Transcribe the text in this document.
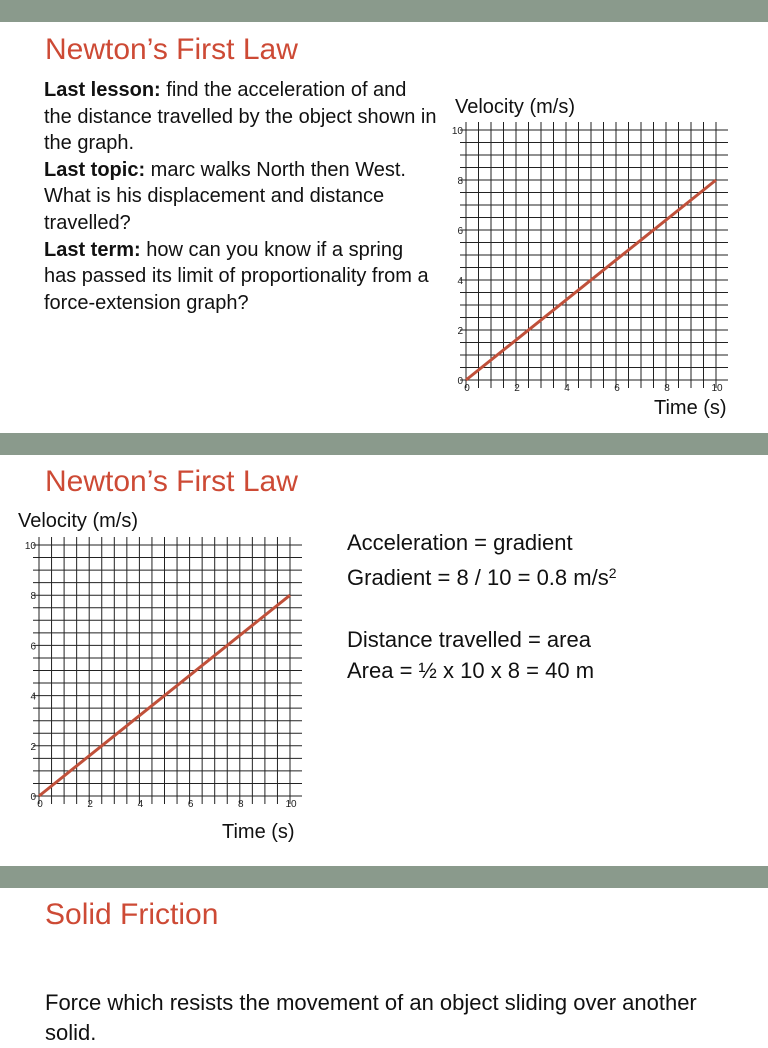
Newton’s First Law
Last lesson: find the acceleration of and the distance travelled by the object shown in the graph.
Last topic: marc walks North then West. What is his displacement and distance travelled?
Last term: how can you know if a spring has passed its limit of proportionality from a force-extension graph?
Velocity (m/s)
0	2	4	6	8	10
0
2
4
6
8
10
Time (s)
Newton’s First Law
Velocity (m/s)
0	2	4	6	8	10
0
2
4
6
8
10
Time (s)
Acceleration = gradient
Gradient = 8 / 10 = 0.8 $m/s^2$
Distance travelled = area
Area = ½ x 10 x 8 = 40 m
Solid Friction
Force which resists the movement of an object sliding over another solid.
